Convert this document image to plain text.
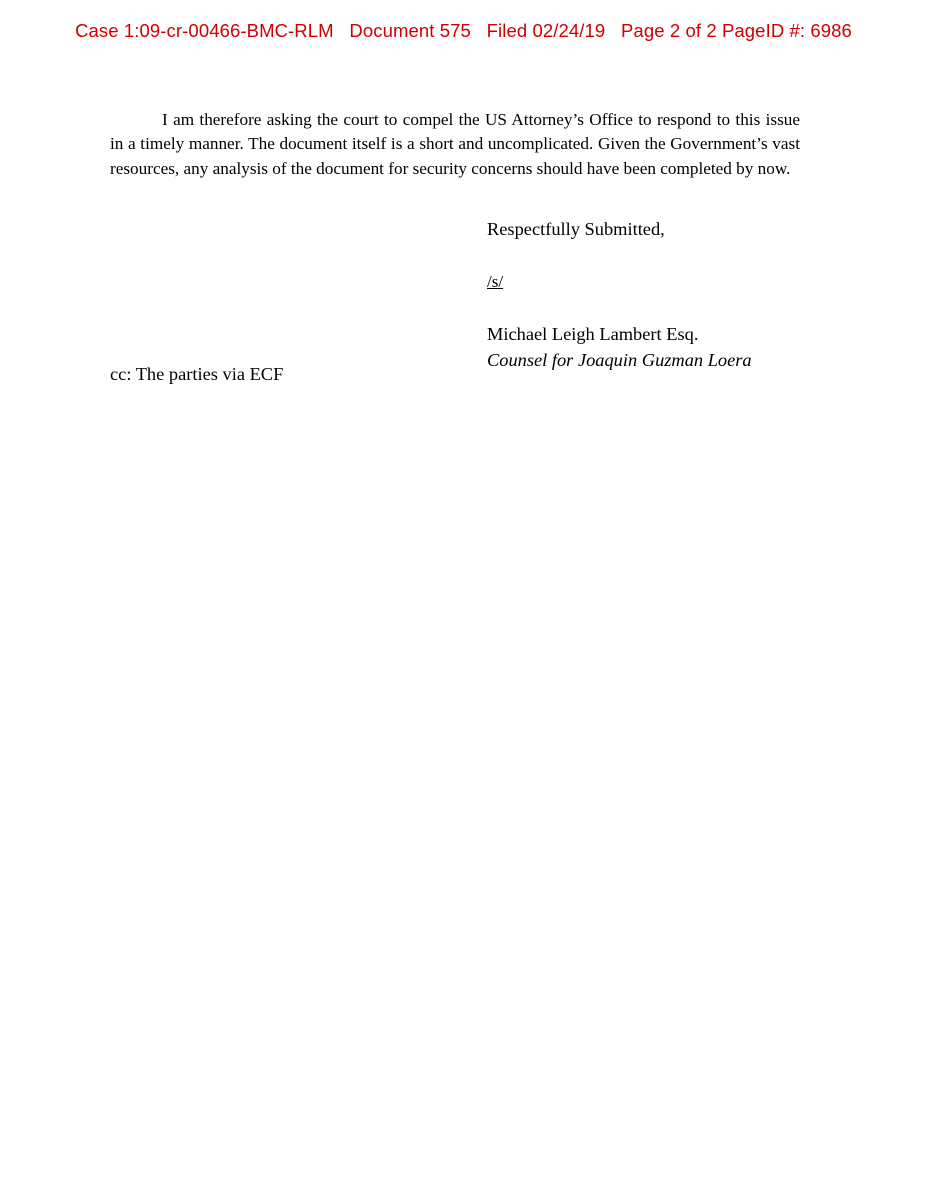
Case 1:09-cr-00466-BMC-RLM   Document 575   Filed 02/24/19   Page 2 of 2 PageID #: 6986
I am therefore asking the court to compel the US Attorney’s Office to respond to this issue in a timely manner. The document itself is a short and uncomplicated. Given the Government’s vast resources, any analysis of the document for security concerns should have been completed by now.
Respectfully Submitted,
/s/
Michael Leigh Lambert Esq.
Counsel for Joaquin Guzman Loera
cc: The parties via ECF
